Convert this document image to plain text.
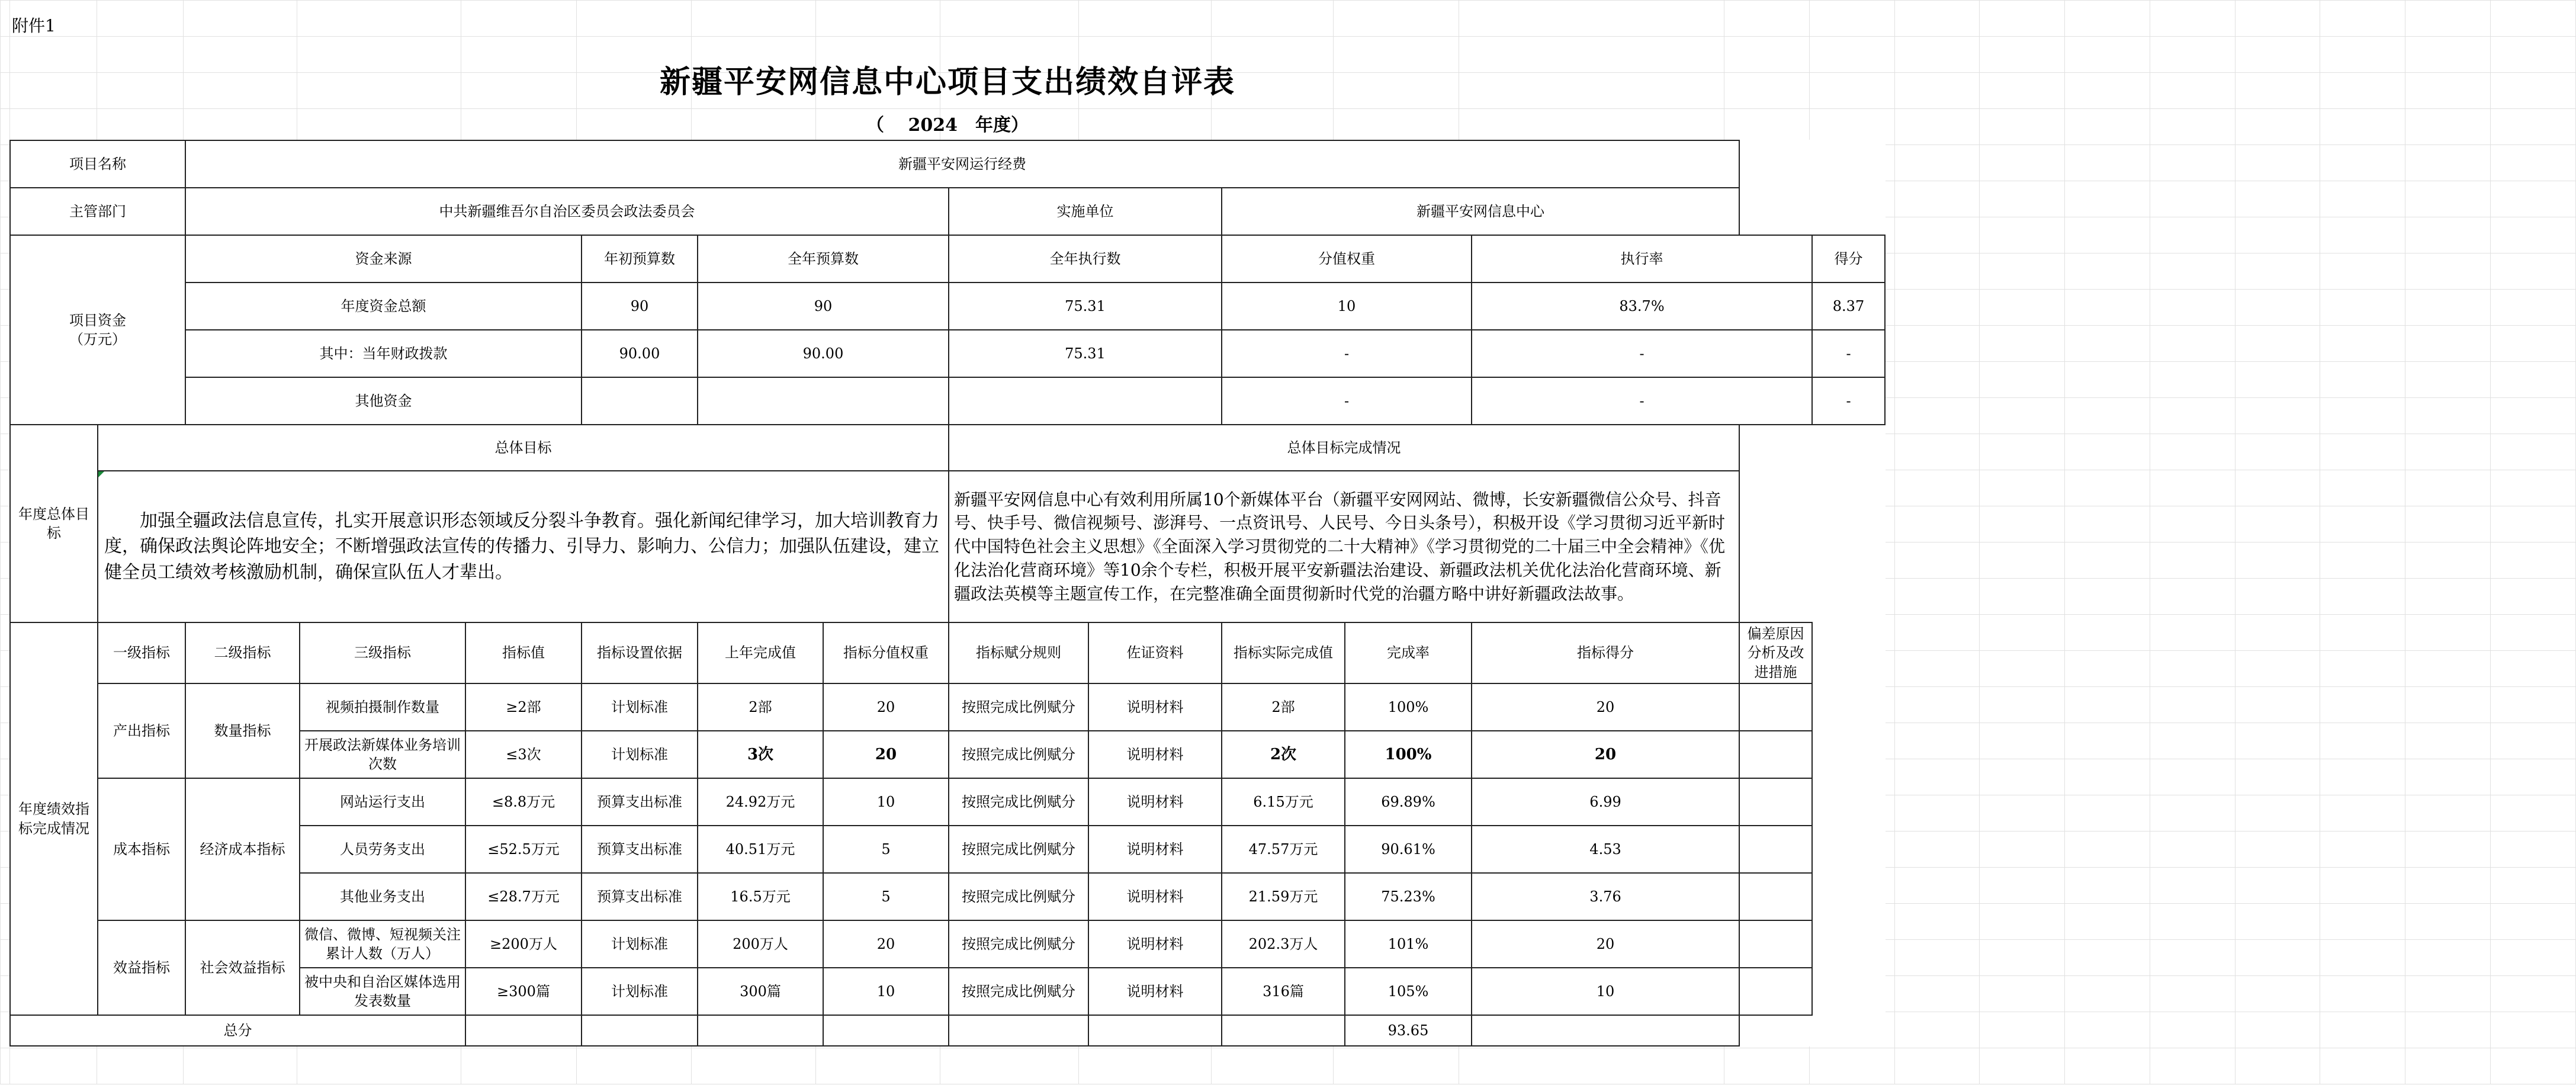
附件1
新疆平安网信息中心项目支出绩效自评表
（　 2024　年度）
项目名称		新疆平安网运行经费												
主管部门		中共新疆维吾尔自治区委员会政法委员会						实施单位		新疆平安网信息中心				
项目资金
（万元）		资金来源			年初预算数	全年预算数		全年执行数		分值权重		执行率		得分
		年度资金总额			90	90		75.31		10		83.7%		8.37
		其中：当年财政拨款			90.00	90.00		75.31		-		-		-
		其他资金								-		-		-
年度总体目标	总体目标							总体目标完成情况						
	　　加强全疆政法信息宣传，扎实开展意识形态领域反分裂斗争教育。强化新闻纪律学习，加大培训教育力度，确保政法舆论阵地安全；不断增强政法宣传的传播力、引导力、影响力、公信力；加强队伍建设，建立健全员工绩效考核激励机制，确保宣队伍人才辈出。							新疆平安网信息中心有效利用所属10个新媒体平台（新疆平安网网站、微博，长安新疆微信公众号、抖音号、快手号、微信视频号、澎湃号、一点资讯号、人民号、今日头条号），积极开设《学习贯彻习近平新时代中国特色社会主义思想》《全面深入学习贯彻党的二十大精神》《学习贯彻党的二十届三中全会精神》《优化法治化营商环境》等10余个专栏，积极开展平安新疆法治建设、新疆政法机关优化法治化营商环境、新疆政法英模等主题宣传工作，在完整准确全面贯彻新时代党的治疆方略中讲好新疆政法故事。						
年度绩效指标完成情况	一级指标	二级指标	三级指标	指标值	指标设置依据	上年完成值	指标分值权重	指标赋分规则	佐证资料	指标实际完成值	完成率	指标得分	偏差原因分析及改进措施	
	产出指标	数量指标	视频拍摄制作数量	≥2部	计划标准	2部	20	按照完成比例赋分	说明材料	2部	100%	20		
			开展政法新媒体业务培训次数	≤3次	计划标准	3次	20	按照完成比例赋分	说明材料	2次	100%	20		
	成本指标	经济成本指标	网站运行支出	≤8.8万元	预算支出标准	24.92万元	10	按照完成比例赋分	说明材料	6.15万元	69.89%	6.99		
			人员劳务支出	≤52.5万元	预算支出标准	40.51万元	5	按照完成比例赋分	说明材料	47.57万元	90.61%	4.53		
			其他业务支出	≤28.7万元	预算支出标准	16.5万元	5	按照完成比例赋分	说明材料	21.59万元	75.23%	3.76		
	效益指标	社会效益指标	微信、微博、短视频关注累计人数（万人）	≥200万人	计划标准	200万人	20	按照完成比例赋分	说明材料	202.3万人	101%	20		
			被中央和自治区媒体选用发表数量	≥300篇	计划标准	300篇	10	按照完成比例赋分	说明材料	316篇	105%	10		
总分											93.65			
